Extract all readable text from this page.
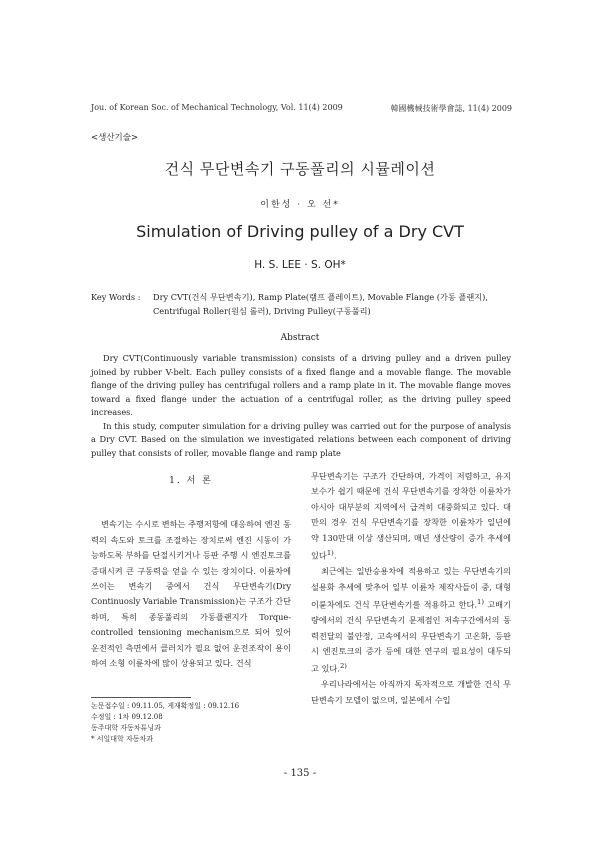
Jou. of Korean Soc. of Mechanical Technology, Vol. 11(4) 2009	韓國機械技術學會誌, 11(4) 2009
<생산기술>
건식 무단변속기 구동풀리의 시뮬레이션
이한성 · 오 선*
Simulation of Driving pulley of a Dry CVT
H. S. LEE · S. OH*
Key Words : Dry CVT(건식 무단변속기), Ramp Plate(램프 플레이트), Movable Flange (가동 플랜지), Centrifugal Roller(원심 롤러), Driving Pulley(구동풀리)
Abstract

Dry CVT(Continuously variable transmission) consists of a driving pulley and a driven pulley joined by rubber V-belt. Each pulley consists of a fixed flange and a movable flange. The movable flange of the driving pulley has centrifugal rollers and a ramp plate in it. The movable flange moves toward a fixed flange under the actuation of a centrifugal roller, as the driving pulley speed increases.

In this study, computer simulation for a driving pulley was carried out for the purpose of analysis a Dry CVT. Based on the simulation we investigated relations between each component of driving pulley that consists of roller, movable flange and ramp plate

1. 서 론

변속기는 수시로 변하는 주행저항에 대응하여 엔진 동력의 속도와 토크를 조절하는 장치로써 엔진 시동이 가능하도록 부하를 단절시키거나 등판 주행 시 엔진토크를 증대시켜 큰 구동력을 얻을 수 있는 장치이다. 이륜차에 쓰이는 변속기 중에서 건식 무단변속기(Dry Continuosly Variable Transmission)는 구조가 간단하며, 특히 종동풀리의 가동플랜지가 Torque-controlled tensioning mechanism으로 되어 있어 운전적인 측면에서 클러치가 필요 없어 운전조작이 용이하여 소형 이륜차에 많이 상용되고 있다. 건식

무단변속기는 구조가 간단하며, 가격이 저렴하고, 유지보수가 쉽기 때문에 건식 무단변속기를 장착한 이륜차가 아시아 대부분의 지역에서 급격히 대중화되고 있다. 대만의 경우 건식 무단변속기를 장착한 이륜차가 일년에 약 130만대 이상 생산되며, 매년 생산량이 증가 추세에 있다$^{1)}$.

최근에는 일반승용차에 적용하고 있는 무단변속기의 설용화 추세에 맞추어 일부 이륜차 제작사들이 중, 대형 이륜차에도 건식 무단변속기를 적용하고 한다.$^{1)}$ 고배기량에서의 건식 무단변속기 문제점인 저속구간에서의 동력전달의 불안정, 고속에서의 무단변속기 고온화, 등판시 엔진토크의 증가 등에 대한 연구의 필요성이 대두되고 있다.$^{2)}$

우리나라에서는 아직까지 독자적으로 개발한 건식 무단변속기 모델이 없으며, 일본에서 수입

논문접수일 : 09.11.05, 게재확정일 : 09.12.16
수정일 : 1차 09.12.08
동주대학 자동차튜닝과
* 서일대학 자동차과
- 135 -
